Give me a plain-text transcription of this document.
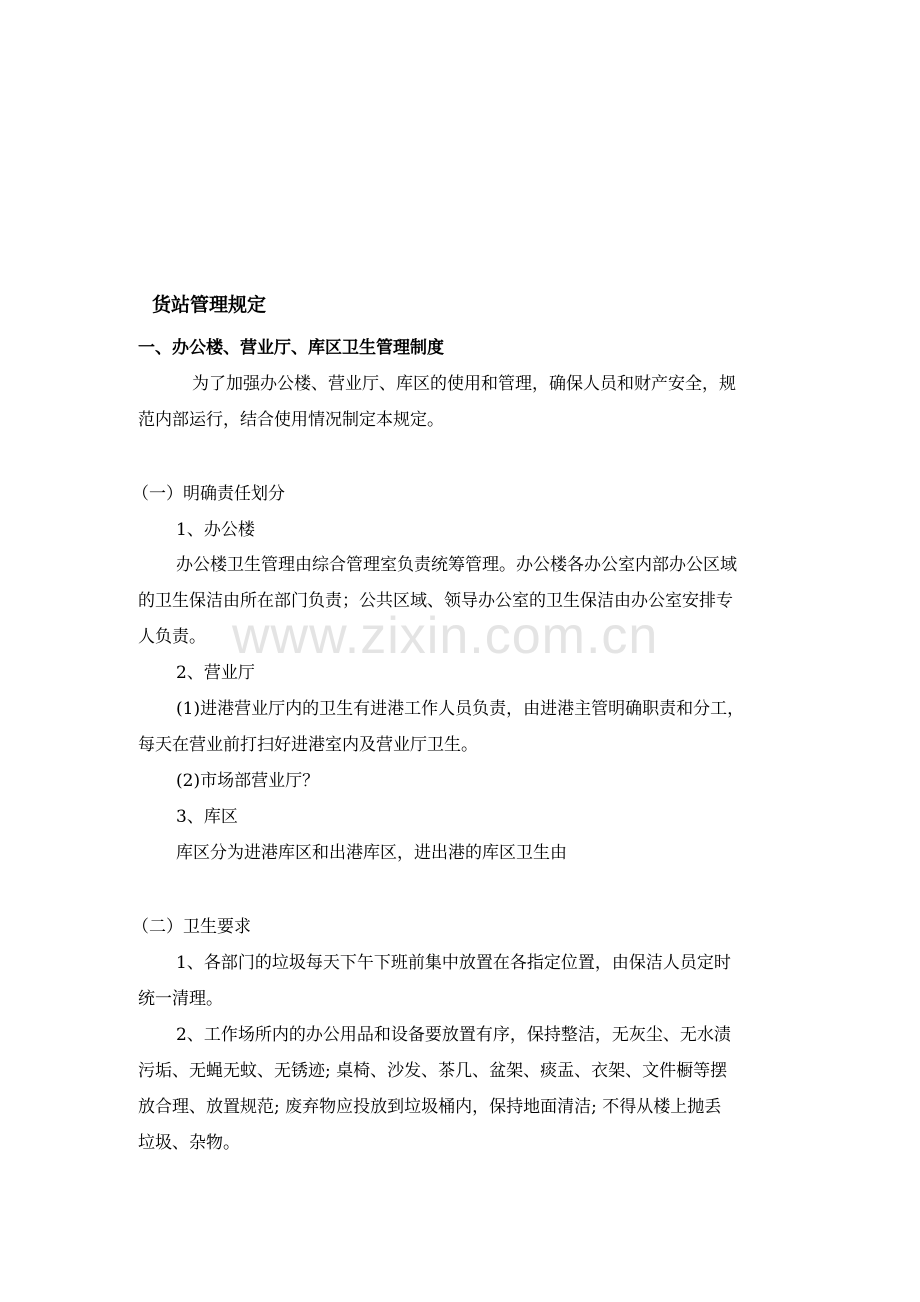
www.zixin.com.cn
货站管理规定
一、办公楼、营业厅、库区卫生管理制度
为了加强办公楼、营业厅、库区的使用和管理，确保人员和财产安全，规
范内部运行，结合使用情况制定本规定。
（一）明确责任划分
1、办公楼
办公楼卫生管理由综合管理室负责统筹管理。办公楼各办公室内部办公区域
的卫生保洁由所在部门负责；公共区域、领导办公室的卫生保洁由办公室安排专
人负责。
2、营业厅
(1)进港营业厅内的卫生有进港工作人员负责，由进港主管明确职责和分工，
每天在营业前打扫好进港室内及营业厅卫生。
(2)市场部营业厅？
3、库区
库区分为进港库区和出港库区，进出港的库区卫生由
（二）卫生要求
1、各部门的垃圾每天下午下班前集中放置在各指定位置，由保洁人员定时
统一清理。
2、工作场所内的办公用品和设备要放置有序，保持整洁，无灰尘、无水渍
污垢、无蝇无蚊、无锈迹; 桌椅、沙发、茶几、盆架、痰盂、衣架、文件橱等摆
放合理、放置规范; 废弃物应投放到垃圾桶内，保持地面清洁; 不得从楼上抛丢
垃圾、杂物。
